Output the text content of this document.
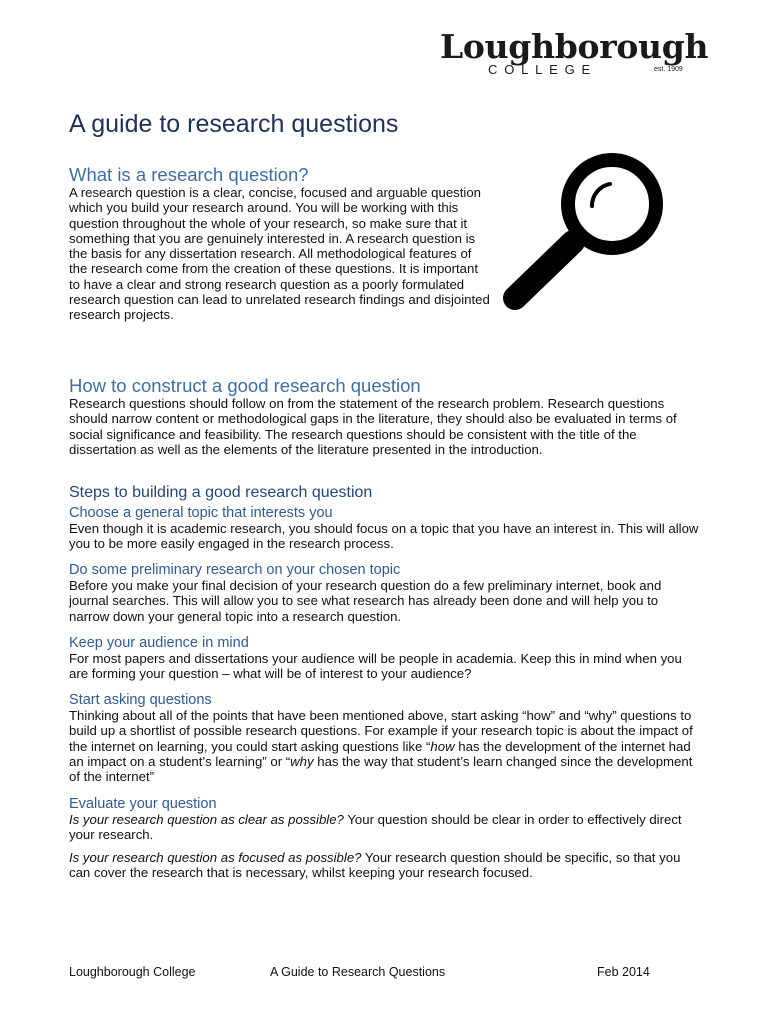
Loughborough
COLLEGE	est. 1909
A guide to research questions
What is a research question?

A research question is a clear, concise, focused and arguable question which you build your research around. You will be working with this question throughout the whole of your research, so make sure that it something that you are genuinely interested in. A research question is the basis for any dissertation research. All methodological features of the research come from the creation of these questions. It is important to have a clear and strong research question as a poorly formulated research question can lead to unrelated research findings and disjointed research projects.

How to construct a good research question

Research questions should follow on from the statement of the research problem. Research questions should narrow content or methodological gaps in the literature, they should also be evaluated in terms of social significance and feasibility. The research questions should be consistent with the title of the dissertation as well as the elements of the literature presented in the introduction.

Steps to building a good research question
Choose a general topic that interests you

Even though it is academic research, you should focus on a topic that you have an interest in. This will allow you to be more easily engaged in the research process.

Do some preliminary research on your chosen topic

Before you make your final decision of your research question do a few preliminary internet, book and journal searches. This will allow you to see what research has already been done and will help you to narrow down your general topic into a research question.

Keep your audience in mind

For most papers and dissertations your audience will be people in academia. Keep this in mind when you are forming your question – what will be of interest to your audience?

Start asking questions

Thinking about all of the points that have been mentioned above, start asking “how” and “why” questions to build up a shortlist of possible research questions. For example if your research topic is about the impact of the internet on learning, you could start asking questions like “how has the development of the internet had an impact on a student’s learning” or “why has the way that student’s learn changed since the development of the internet”

Evaluate your question

Is your research question as clear as possible? Your question should be clear in order to effectively direct your research.

Is your research question as focused as possible? Your research question should be specific, so that you can cover the research that is necessary, whilst keeping your research focused.

Loughborough College	A Guide to Research Questions	Feb 2014
